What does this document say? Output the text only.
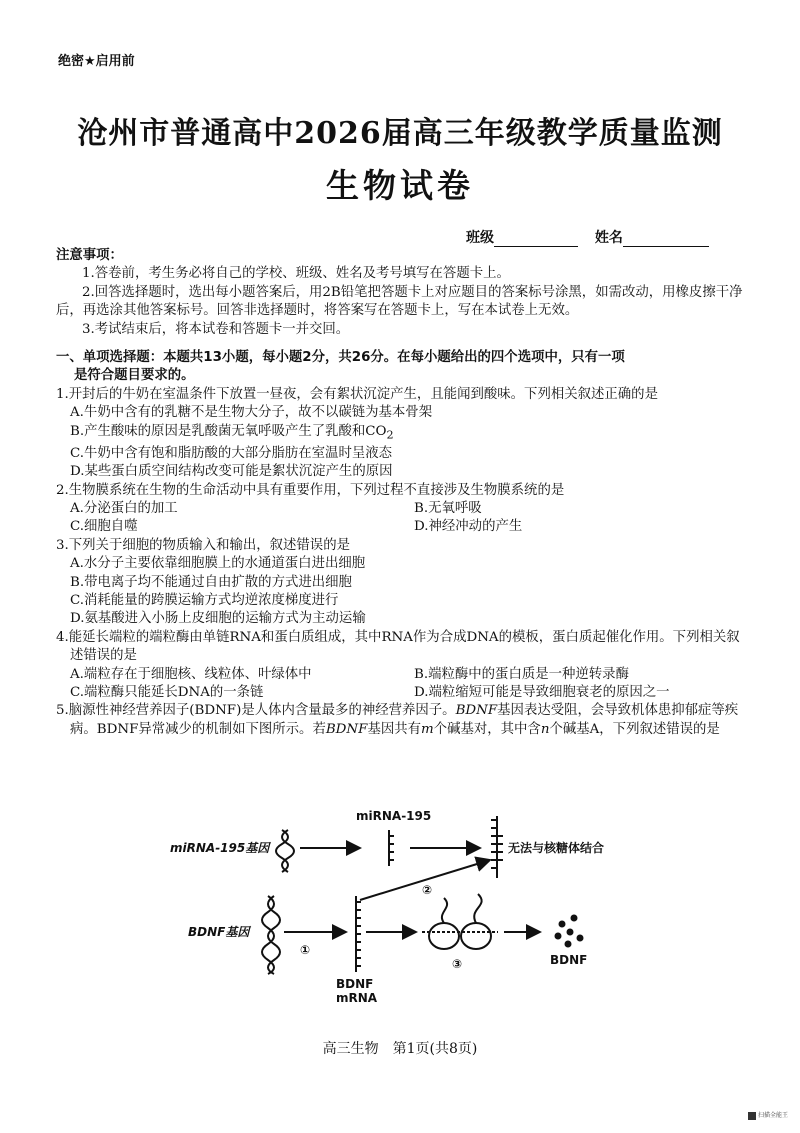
绝密★启用前
沧州市普通高中2026届高三年级教学质量监测
生物试卷
班级	姓名

注意事项：

1.答卷前，考生务必将自己的学校、班级、姓名及考号填写在答题卡上。

2.回答选择题时，选出每小题答案后，用2B铅笔把答题卡上对应题目的答案标号涂黑，如需改动，用橡皮擦干净后，再选涂其他答案标号。回答非选择题时，将答案写在答题卡上，写在本试卷上无效。

3.考试结束后，将本试卷和答题卡一并交回。

一、单项选择题：本题共13小题，每小题2分，共26分。在每小题给出的四个选项中，只有一项

是符合题目要求的。

1.开封后的牛奶在室温条件下放置一昼夜，会有絮状沉淀产生，且能闻到酸味。下列相关叙述正确的是

A.牛奶中含有的乳糖不是生物大分子，故不以碳链为基本骨架

B.产生酸味的原因是乳酸菌无氧呼吸产生了乳酸和$CO_2$

C.牛奶中含有饱和脂肪酸的大部分脂肪在室温时呈液态

D.某些蛋白质空间结构改变可能是絮状沉淀产生的原因

2.生物膜系统在生物的生命活动中具有重要作用，下列过程不直接涉及生物膜系统的是

A.分泌蛋白的加工	B.无氧呼吸
C.细胞自噬	D.神经冲动的产生

3.下列关于细胞的物质输入和输出，叙述错误的是

A.水分子主要依靠细胞膜上的水通道蛋白进出细胞

B.带电离子均不能通过自由扩散的方式进出细胞

C.消耗能量的跨膜运输方式均逆浓度梯度进行

D.氨基酸进入小肠上皮细胞的运输方式为主动运输

4.能延长端粒的端粒酶由单链RNA和蛋白质组成，其中RNA作为合成DNA的模板，蛋白质起催化作用。下列相关叙述错误的是

A.端粒存在于细胞核、线粒体、叶绿体中	B.端粒酶中的蛋白质是一种逆转录酶
C.端粒酶只能延长DNA的一条链	D.端粒缩短可能是导致细胞衰老的原因之一

5.脑源性神经营养因子(BDNF)是人体内含量最多的神经营养因子。BDNF基因表达受阻，会导致机体患抑郁症等疾病。BDNF异常减少的机制如下图所示。若BDNF基因共有m个碱基对，其中含n个碱基A，下列叙述错误的是

miRNA-195基因
miRNA-195
无法与核糖体结合
BDNF基因
①
BDNF
mRNA
②
③	BDNF
高三生物　第1页(共8页)
扫描全能王
